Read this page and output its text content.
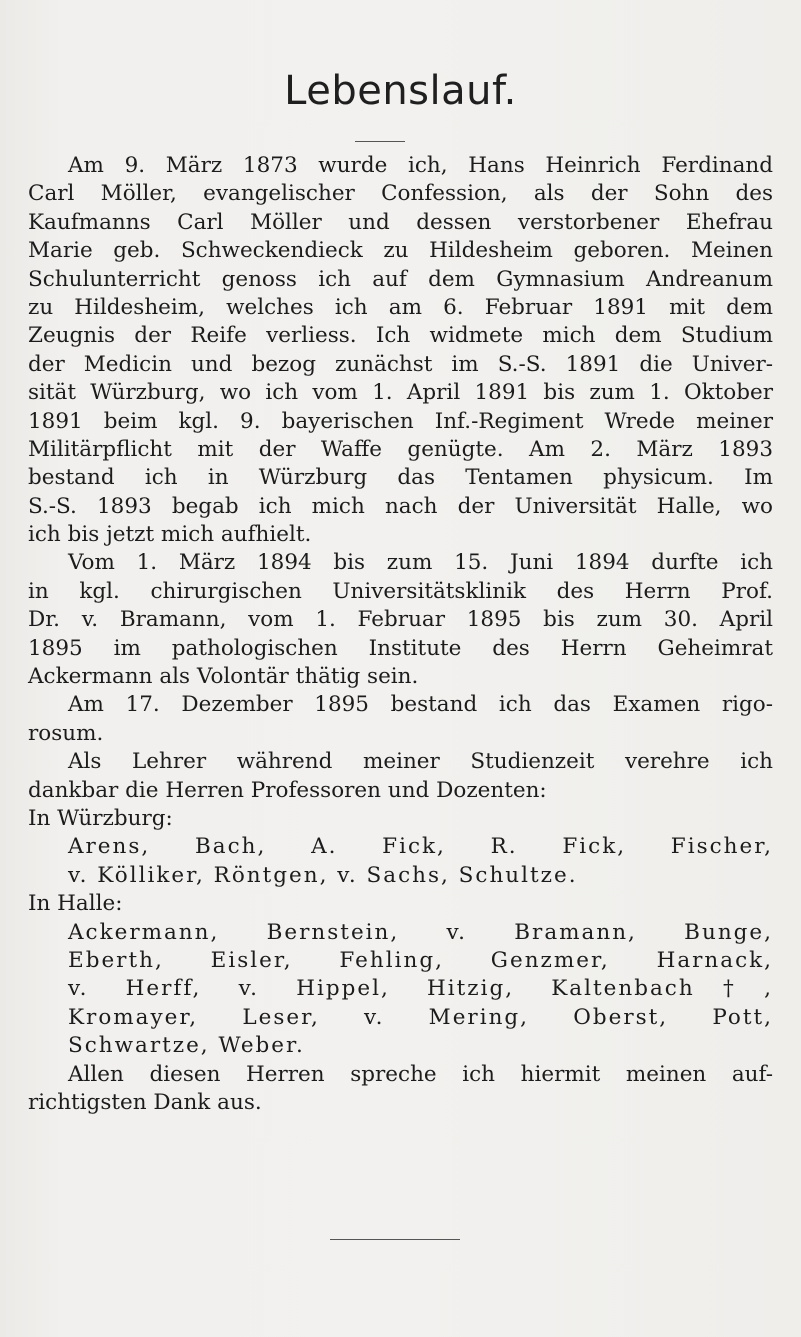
Lebenslauf.
Am 9. März 1873 wurde ich, Hans Heinrich Ferdinand
Carl Möller, evangelischer Confession, als der Sohn des
Kaufmanns Carl Möller und dessen verstorbener Ehefrau
Marie geb. Schweckendieck zu Hildesheim geboren. Meinen
Schulunterricht genoss ich auf dem Gymnasium Andreanum
zu Hildesheim, welches ich am 6. Februar 1891 mit dem
Zeugnis der Reife verliess. Ich widmete mich dem Studium
der Medicin und bezog zunächst im S.-S. 1891 die Univer-
sität Würzburg, wo ich vom 1. April 1891 bis zum 1. Oktober
1891 beim kgl. 9. bayerischen Inf.-Regiment Wrede meiner
Militärpflicht mit der Waffe genügte. Am 2. März 1893
bestand ich in Würzburg das Tentamen physicum. Im
S.-S. 1893 begab ich mich nach der Universität Halle, wo
ich bis jetzt mich aufhielt.
Vom 1. März 1894 bis zum 15. Juni 1894 durfte ich
in kgl. chirurgischen Universitätsklinik des Herrn Prof.
Dr. v. Bramann, vom 1. Februar 1895 bis zum 30. April
1895 im pathologischen Institute des Herrn Geheimrat
Ackermann als Volontär thätig sein.
Am 17. Dezember 1895 bestand ich das Examen rigo-
rosum.
Als Lehrer während meiner Studienzeit verehre ich
dankbar die Herren Professoren und Dozenten:
In Würzburg:
Arens, Bach, A. Fick, R. Fick, Fischer,
v. Kölliker, Röntgen, v. Sachs, Schultze.
In Halle:
Ackermann, Bernstein, v. Bramann, Bunge,
Eberth, Eisler, Fehling, Genzmer, Harnack,
v. Herff, v. Hippel, Hitzig, Kaltenbach†,
Kromayer, Leser, v. Mering, Oberst, Pott,
Schwartze, Weber.
Allen diesen Herren spreche ich hiermit meinen auf-
richtigsten Dank aus.
